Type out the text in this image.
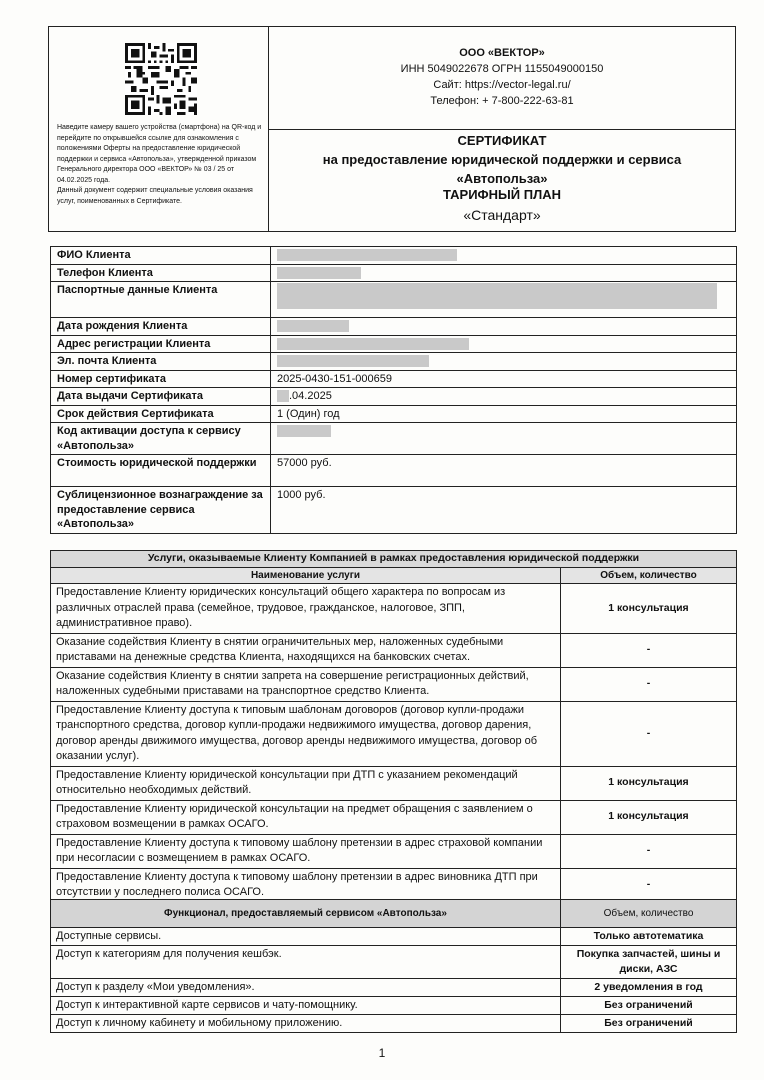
Наведите камеру вашего устройства (смартфона) на QR-код и перейдите по открывшейся ссылке для ознакомления с положениями Оферты на предоставление юридической поддержки и сервиса «Автопольза», утвержденной приказом Генерального директора ООО «ВЕКТОР» № 03 / 25 от 04.02.2025 года.
Данный документ содержит специальные условия оказания услуг, поименованных в Сертификате.
ООО «ВЕКТОР»
ИНН 5049022678 ОГРН 1155049000150
Сайт: https://vector-legal.ru/
Телефон: + 7-800-222-63-81
СЕРТИФИКАТ
на предоставление юридической поддержки и сервиса
«Автопольза»
ТАРИФНЫЙ ПЛАН
«Стандарт»
ФИО Клиента	
Телефон Клиента	
Паспортные данные Клиента	
Дата рождения Клиента	
Адрес регистрации Клиента	
Эл. почта Клиента	
Номер сертификата	2025-0430-151-000659
Дата выдачи Сертификата	.04.2025
Срок действия Сертификата	1 (Один) год
Код активации доступа к сервису «Автопольза»	
Стоимость юридической поддержки	57000 руб.
Сублицензионное вознаграждение за предоставление сервиса «Автопольза»	1000 руб.
Услуги, оказываемые Клиенту Компанией в рамках предоставления юридической поддержки	
Наименование услуги	Объем, количество
Предоставление Клиенту юридических консультаций общего характера по вопросам из различных отраслей права (семейное, трудовое, гражданское, налоговое, ЗПП, административное право).	1 консультация
Оказание содействия Клиенту в снятии ограничительных мер, наложенных судебными приставами на денежные средства Клиента, находящихся на банковских счетах.	-
Оказание содействия Клиенту в снятии запрета на совершение регистрационных действий, наложенных судебными приставами на транспортное средство Клиента.	-
Предоставление Клиенту доступа к типовым шаблонам договоров (договор купли-продажи транспортного средства, договор купли-продажи недвижимого имущества, договор дарения, договор аренды движимого имущества, договор аренды недвижимого имущества, договор об оказании услуг).	-
Предоставление Клиенту юридической консультации при ДТП с указанием рекомендаций относительно необходимых действий.	1 консультация
Предоставление Клиенту юридической консультации на предмет обращения с заявлением о страховом возмещении в рамках ОСАГО.	1 консультация
Предоставление Клиенту доступа к типовому шаблону претензии в адрес страховой компании при несогласии с возмещением в рамках ОСАГО.	-
Предоставление Клиенту доступа к типовому шаблону претензии в адрес виновника ДТП при отсутствии у последнего полиса ОСАГО.	-
Функционал, предоставляемый сервисом «Автопольза»	Объем, количество
Доступные сервисы.	Только автотематика
Доступ к категориям для получения кешбэк.	Покупка запчастей, шины и диски, АЗС
Доступ к разделу «Мои уведомления».	2 уведомления в год
Доступ к интерактивной карте сервисов и чату-помощнику.	Без ограничений
Доступ к личному кабинету и мобильному приложению.	Без ограничений
1
